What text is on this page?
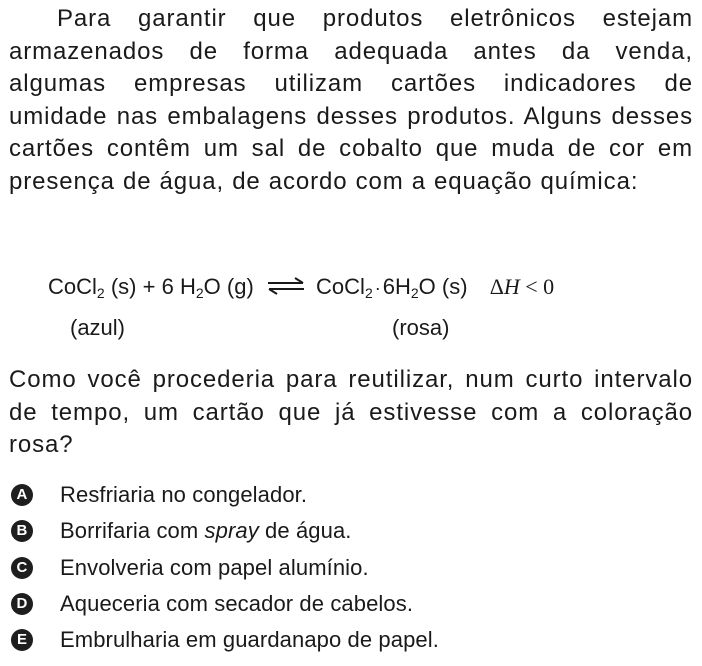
Para garantir que produtos eletrônicos estejam armazenados de forma adequada antes da venda, algumas empresas utilizam cartões indicadores de umidade nas embalagens desses produtos. Alguns desses cartões contêm um sal de cobalto que muda de cor em presença de água, de acordo com a equação química:
CoCl$_2$ (s) + 6 $H_2O$ (g) ⇌ CoCl$_2$ $\cdot 6H_2O$ (s) ΔH < 0
(azul)	(rosa)
Como você procederia para reutilizar, num curto intervalo de tempo, um cartão que já estivesse com a coloração rosa?
A Resfriaria no congelador.
B Borrifaria com spray de água.
C Envolveria com papel alumínio.
D Aqueceria com secador de cabelos.
E Embrulharia em guardanapo de papel.
